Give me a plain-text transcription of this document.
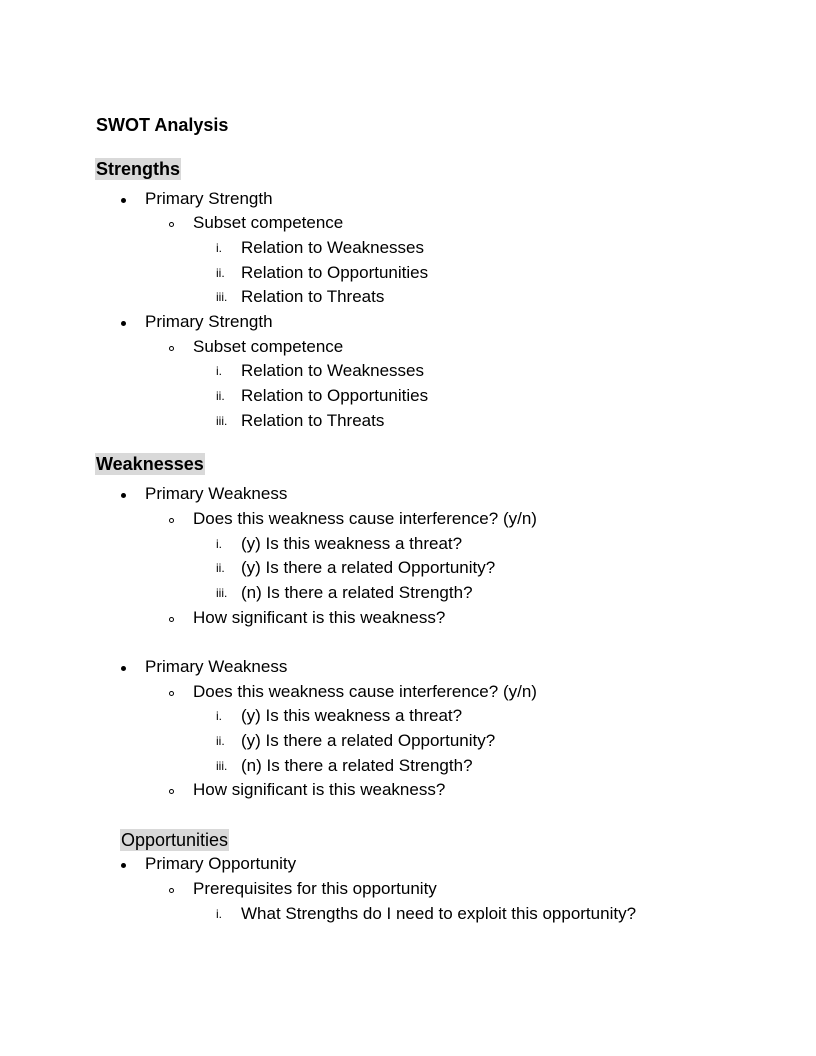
SWOT Analysis
Strengths
Primary Strength
Subset competence
i. Relation to Weaknesses
ii. Relation to Opportunities
iii. Relation to Threats
Primary Strength
Subset competence
i. Relation to Weaknesses
ii. Relation to Opportunities
iii. Relation to Threats
Weaknesses
Primary Weakness
Does this weakness cause interference? (y/n)
i. (y) Is this weakness a threat?
ii. (y) Is there a related Opportunity?
iii. (n) Is there a related Strength?
How significant is this weakness?
Primary Weakness
Does this weakness cause interference? (y/n)
i. (y) Is this weakness a threat?
ii. (y) Is there a related Opportunity?
iii. (n) Is there a related Strength?
How significant is this weakness?
Opportunities
Primary Opportunity
Prerequisites for this opportunity
i. What Strengths do I need to exploit this opportunity?
